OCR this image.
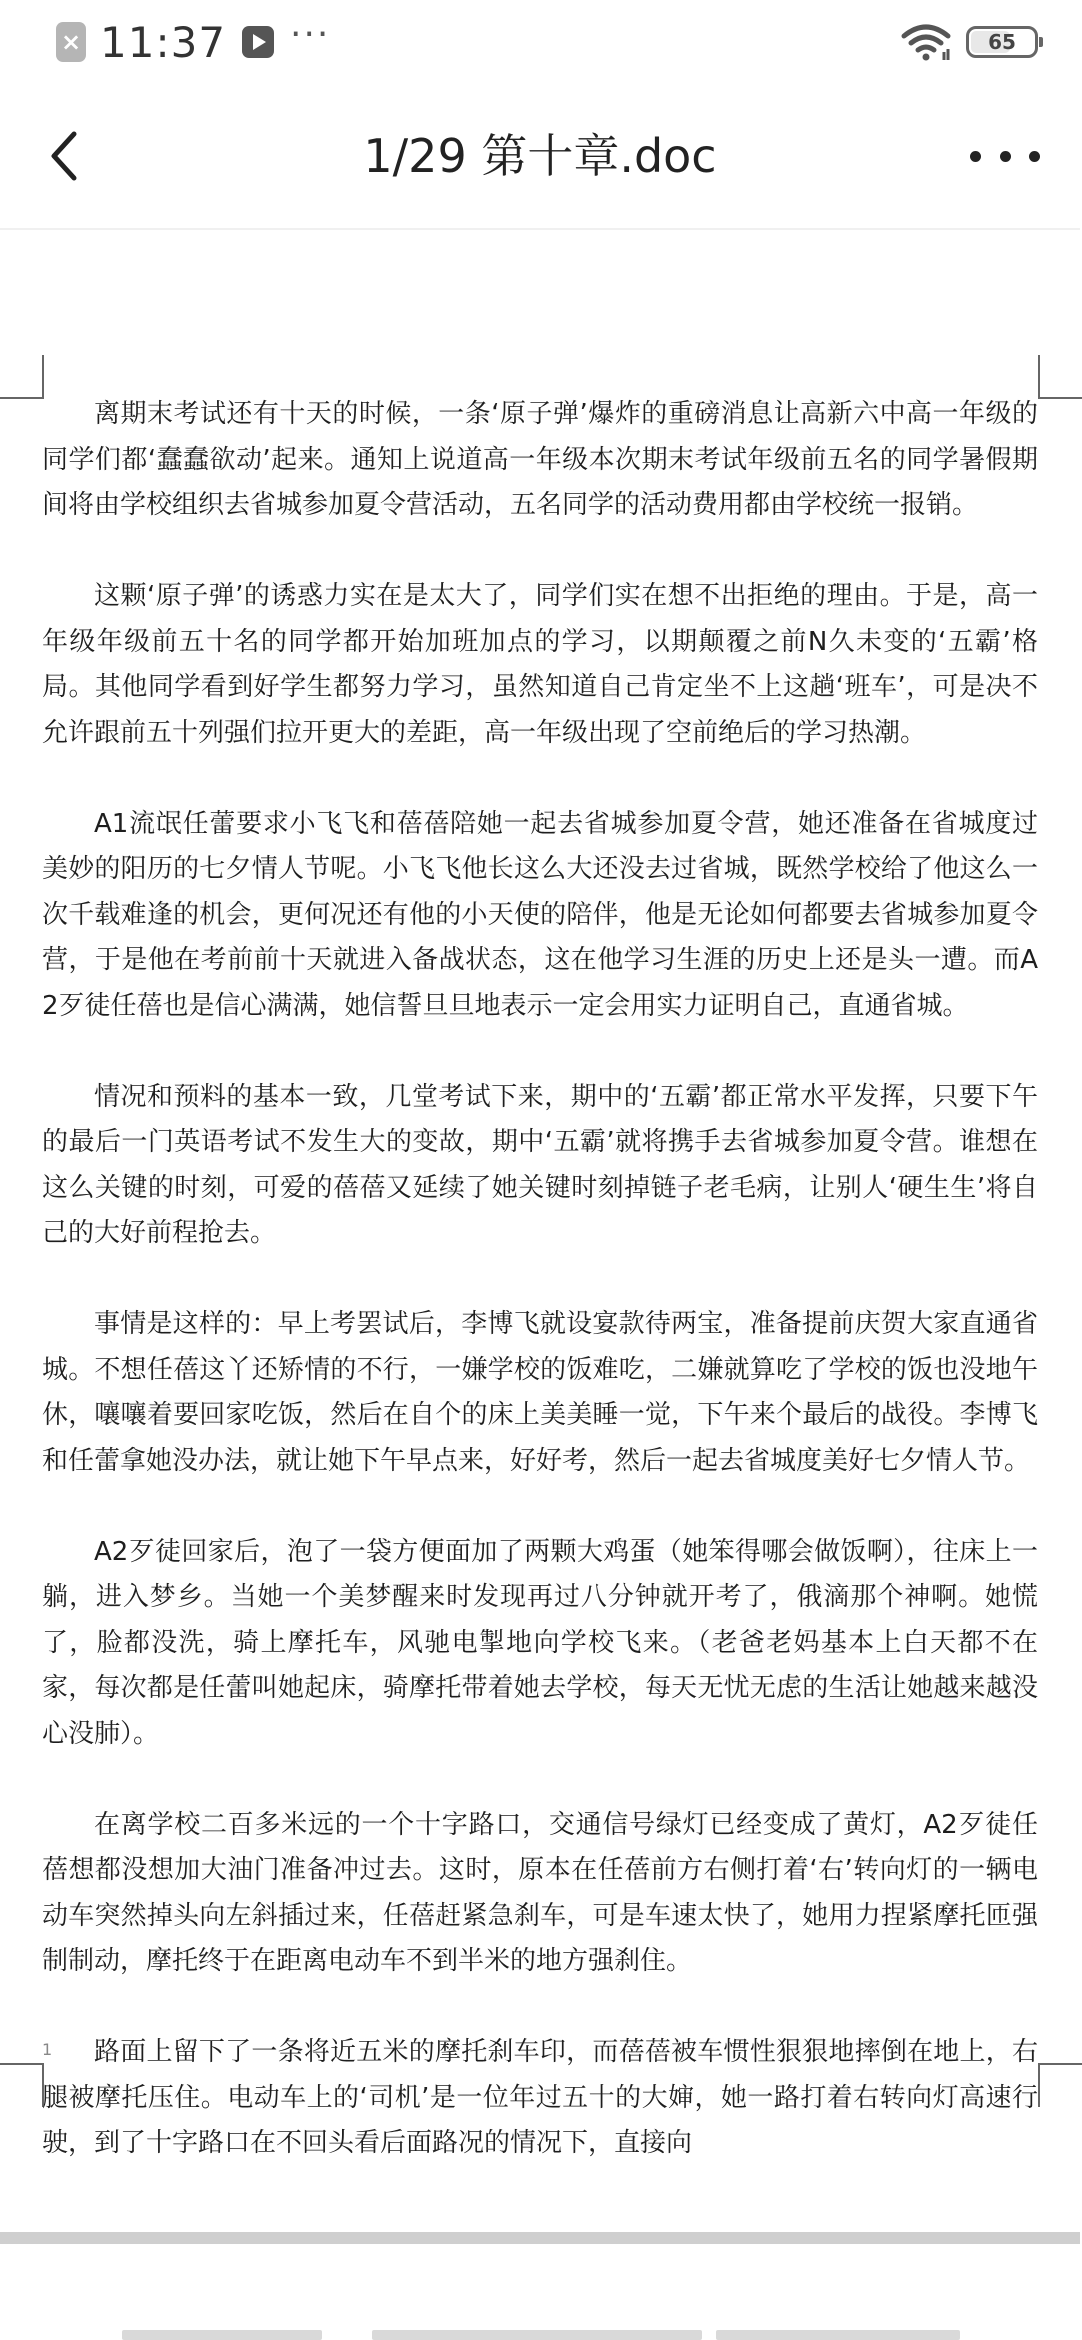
× 11:37 ···	65
1/29 第十章.doc

离期末考试还有十天的时候，一条‘原子弹’爆炸的重磅消息让高新六中高一年级的同学们都‘蠢蠢欲动’起来。通知上说道高一年级本次期末考试年级前五名的同学暑假期间将由学校组织去省城参加夏令营活动，五名同学的活动费用都由学校统一报销。

这颗‘原子弹’的诱惑力实在是太大了，同学们实在想不出拒绝的理由。于是，高一年级年级前五十名的同学都开始加班加点的学习，以期颠覆之前N久未变的‘五霸’格局。其他同学看到好学生都努力学习，虽然知道自己肯定坐不上这趟‘班车’，可是决不允许跟前五十列强们拉开更大的差距，高一年级出现了空前绝后的学习热潮。

A1流氓任蕾要求小飞飞和蓓蓓陪她一起去省城参加夏令营，她还准备在省城度过美妙的阳历的七夕情人节呢。小飞飞他长这么大还没去过省城，既然学校给了他这么一次千载难逢的机会，更何况还有他的小天使的陪伴，他是无论如何都要去省城参加夏令营，于是他在考前前十天就进入备战状态，这在他学习生涯的历史上还是头一遭。而A2歹徒任蓓也是信心满满，她信誓旦旦地表示一定会用实力证明自己，直通省城。

情况和预料的基本一致，几堂考试下来，期中的‘五霸’都正常水平发挥，只要下午的最后一门英语考试不发生大的变故，期中‘五霸’就将携手去省城参加夏令营。谁想在这么关键的时刻，可爱的蓓蓓又延续了她关键时刻掉链子老毛病，让别人‘硬生生’将自己的大好前程抢去。

事情是这样的：早上考罢试后，李博飞就设宴款待两宝，准备提前庆贺大家直通省城。不想任蓓这丫还矫情的不行，一嫌学校的饭难吃，二嫌就算吃了学校的饭也没地午休，嚷嚷着要回家吃饭，然后在自个的床上美美睡一觉，下午来个最后的战役。李博飞和任蕾拿她没办法，就让她下午早点来，好好考，然后一起去省城度美好七夕情人节。

A2歹徒回家后，泡了一袋方便面加了两颗大鸡蛋（她笨得哪会做饭啊），往床上一躺，进入梦乡。当她一个美梦醒来时发现再过八分钟就开考了，俄滴那个神啊。她慌了，脸都没洗，骑上摩托车，风驰电掣地向学校飞来。（老爸老妈基本上白天都不在家，每次都是任蕾叫她起床，骑摩托带着她去学校，每天无忧无虑的生活让她越来越没心没肺）。

在离学校二百多米远的一个十字路口，交通信号绿灯已经变成了黄灯，A2歹徒任蓓想都没想加大油门准备冲过去。这时，原本在任蓓前方右侧打着‘右’转向灯的一辆电动车突然掉头向左斜插过来，任蓓赶紧急刹车，可是车速太快了，她用力捏紧摩托匝强制制动，摩托终于在距离电动车不到半米的地方强刹住。

路面上留下了一条将近五米的摩托刹车印，而蓓蓓被车惯性狠狠地摔倒在地上，右腿被摩托压住。电动车上的‘司机’是一位年过五十的大婶，她一路打着右转向灯高速行驶，到了十字路口在不回头看后面路况的情况下，直接向

1
